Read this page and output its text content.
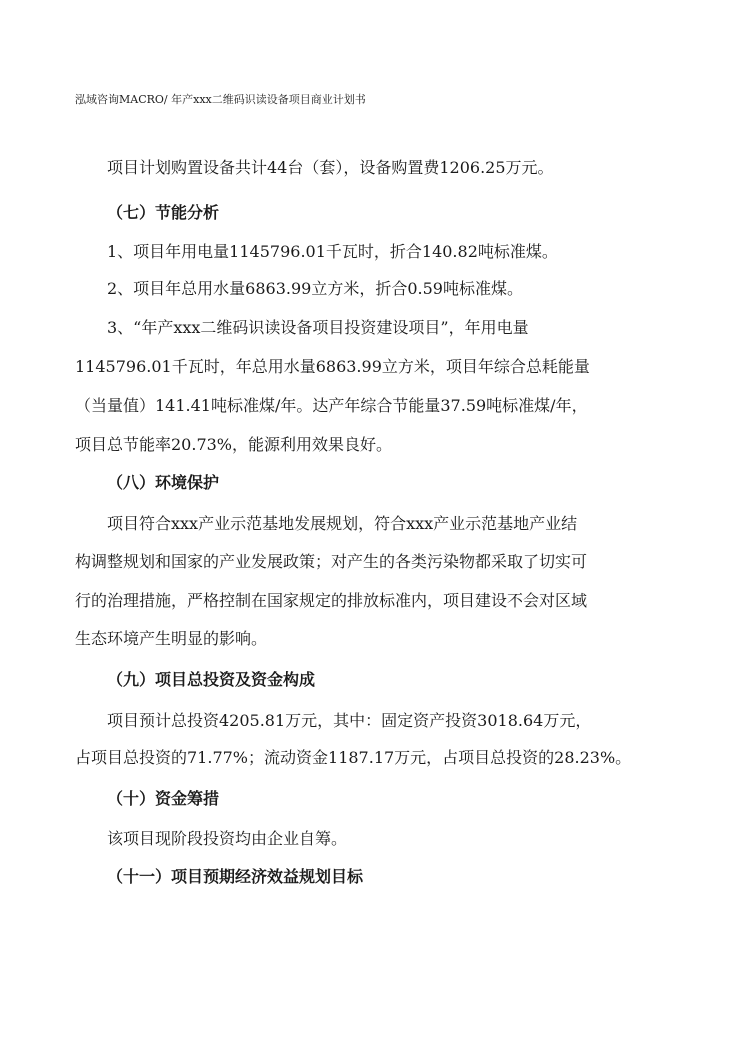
泓域咨询MACRO/ 年产xxx二维码识读设备项目商业计划书
项目计划购置设备共计44台（套），设备购置费1206.25万元。
（七）节能分析
1、项目年用电量1145796.01千瓦时，折合140.82吨标准煤。
2、项目年总用水量6863.99立方米，折合0.59吨标准煤。
3、“年产xxx二维码识读设备项目投资建设项目”，年用电量
1145796.01千瓦时，年总用水量6863.99立方米，项目年综合总耗能量
（当量值）141.41吨标准煤/年。达产年综合节能量37.59吨标准煤/年，
项目总节能率20.73%，能源利用效果良好。
（八）环境保护
项目符合xxx产业示范基地发展规划，符合xxx产业示范基地产业结
构调整规划和国家的产业发展政策；对产生的各类污染物都采取了切实可
行的治理措施，严格控制在国家规定的排放标准内，项目建设不会对区域
生态环境产生明显的影响。
（九）项目总投资及资金构成
项目预计总投资4205.81万元，其中：固定资产投资3018.64万元，
占项目总投资的71.77%；流动资金1187.17万元，占项目总投资的28.23%。
（十）资金筹措
该项目现阶段投资均由企业自筹。
（十一）项目预期经济效益规划目标
